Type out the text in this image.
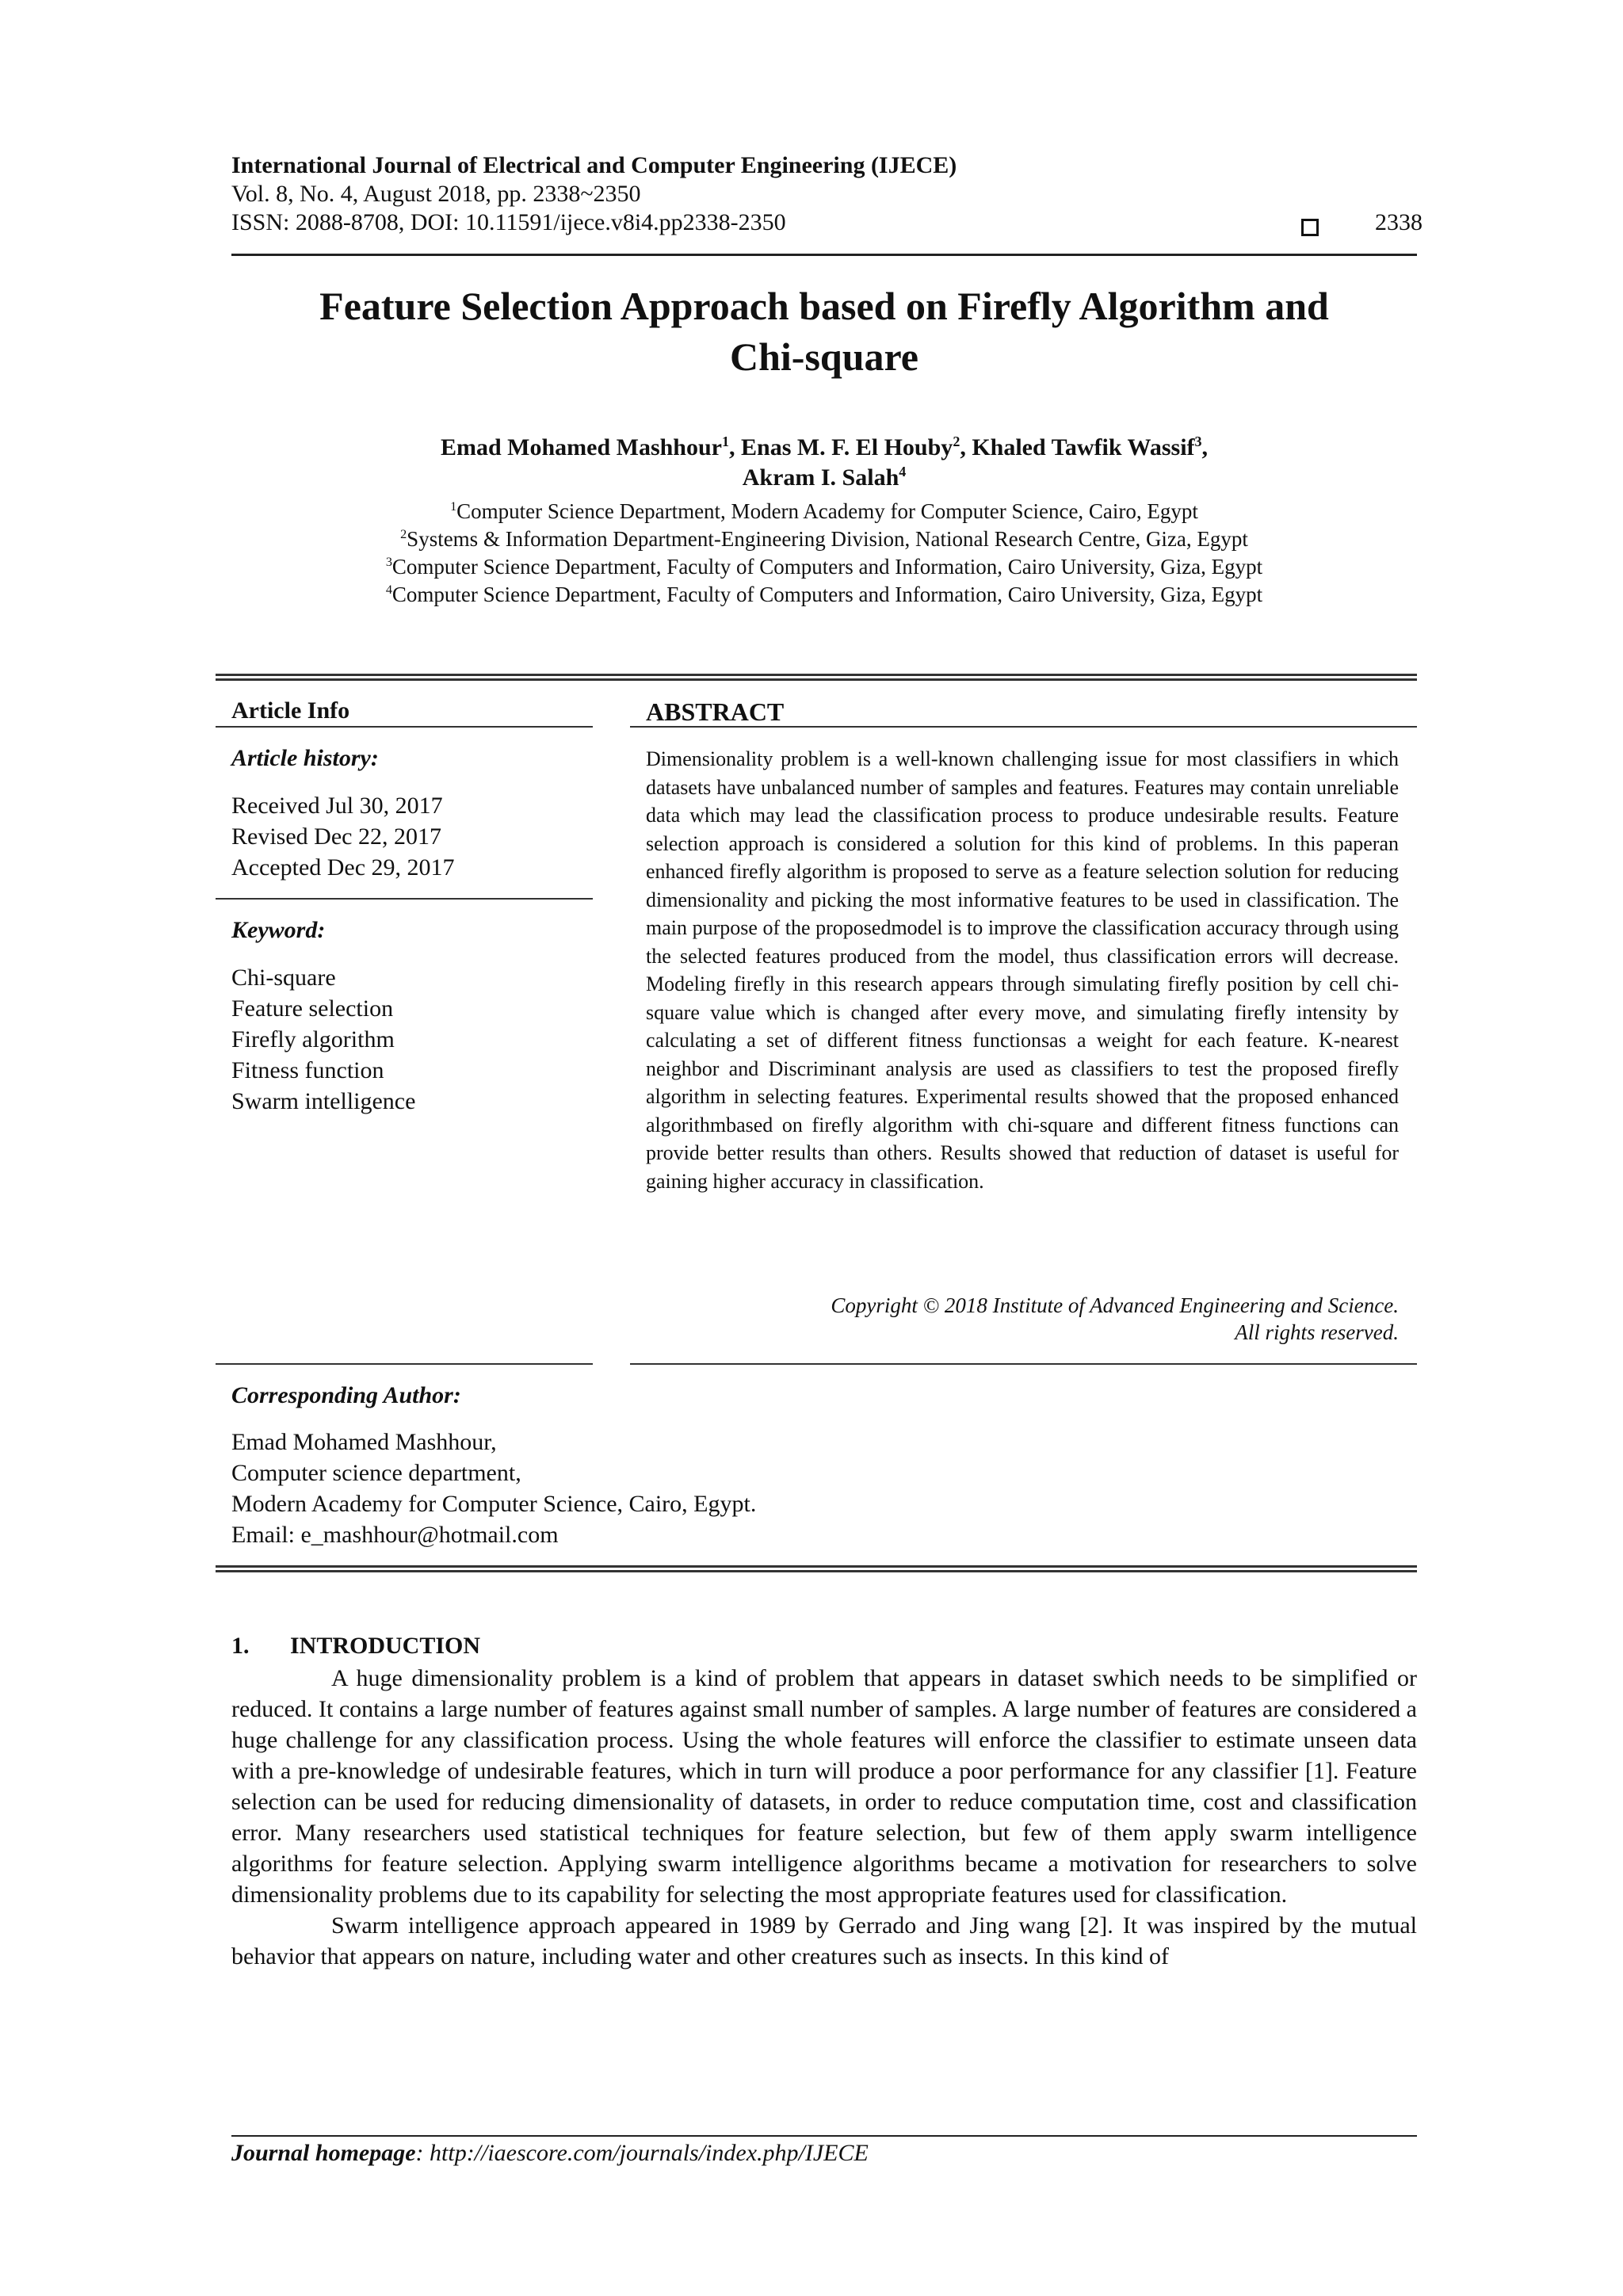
International Journal of Electrical and Computer Engineering (IJECE)
Vol. 8, No. 4, August 2018, pp. 2338~2350
ISSN: 2088-8708, DOI: 10.11591/ijece.v8i4.pp2338-2350	2338
Feature Selection Approach based on Firefly Algorithm and
Chi-square
Emad Mohamed Mashhour$^1$, Enas M. F. El Houby$^2$, Khaled Tawfik Wassif$^3$,
Akram I. Salah$^4$
$^1$Computer Science Department, Modern Academy for Computer Science, Cairo, Egypt
$^2$Systems & Information Department-Engineering Division, National Research Centre, Giza, Egypt
$^3$Computer Science Department, Faculty of Computers and Information, Cairo University, Giza, Egypt
$^4$Computer Science Department, Faculty of Computers and Information, Cairo University, Giza, Egypt
Article Info
Article history:
Received Jul 30, 2017
Revised Dec 22, 2017
Accepted Dec 29, 2017
Keyword:
Chi-square
Feature selection
Firefly algorithm
Fitness function
Swarm intelligence
ABSTRACT
Dimensionality problem is a well-known challenging issue for most classifiers in which datasets have unbalanced number of samples and features. Features may contain unreliable data which may lead the classification process to produce undesirable results. Feature selection approach is considered a solution for this kind of problems. In this paperan enhanced firefly algorithm is proposed to serve as a feature selection solution for reducing dimensionality and picking the most informative features to be used in classification. The main purpose of the proposedmodel is to improve the classification accuracy through using the selected features produced from the model, thus classification errors will decrease. Modeling firefly in this research appears through simulating firefly position by cell chi-square value which is changed after every move, and simulating firefly intensity by calculating a set of different fitness functionsas a weight for each feature. K-nearest neighbor and Discriminant analysis are used as classifiers to test the proposed firefly algorithm in selecting features. Experimental results showed that the proposed enhanced algorithmbased on firefly algorithm with chi-square and different fitness functions can provide better results than others. Results showed that reduction of dataset is useful for gaining higher accuracy in classification.
Copyright © 2018 Institute of Advanced Engineering and Science.
All rights reserved.
Corresponding Author:
Emad Mohamed Mashhour,
Computer science department,
Modern Academy for Computer Science, Cairo, Egypt.
Email: e_mashhour@hotmail.com
1. INTRODUCTION

A huge dimensionality problem is a kind of problem that appears in dataset swhich needs to be simplified or reduced. It contains a large number of features against small number of samples. A large number of features are considered a huge challenge for any classification process. Using the whole features will enforce the classifier to estimate unseen data with a pre-knowledge of undesirable features, which in turn will produce a poor performance for any classifier [1]. Feature selection can be used for reducing dimensionality of datasets, in order to reduce computation time, cost and classification error. Many researchers used statistical techniques for feature selection, but few of them apply swarm intelligence algorithms for feature selection. Applying swarm intelligence algorithms became a motivation for researchers to solve dimensionality problems due to its capability for selecting the most appropriate features used for classification.

Swarm intelligence approach appeared in 1989 by Gerrado and Jing wang [2]. It was inspired by the mutual behavior that appears on nature, including water and other creatures such as insects. In this kind of

Journal homepage: http://iaescore.com/journals/index.php/IJECE
